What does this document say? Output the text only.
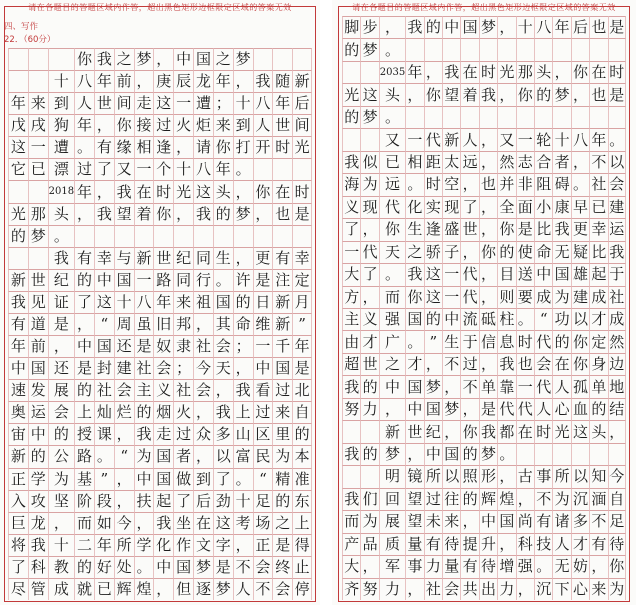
请在各题目的答题区域内作答，超出黑色矩形边框限定区域的答案无效
四、写作
22．（60分）
你 我 之 梦 ， 中 国 之 梦
十 八 年 前 ， 庚 辰 龙 年 ， 我 随 新
年 来 到 人 世 间 走 这 一 遭 ； 十 八 年 后
戊 戌 狗 年 ， 你 接 过 火 炬 来 到 人 世 间
这 一 遭 。 有 缘 相 逢 ， 请 你 打 开 时 光
它 已 漂 过 了 又 一 个 十 八 年 。
2018 年 ， 我 在 时 光 这 头 ， 你 在 时
光 那 头 ， 我 望 着 你 ， 我 的 梦 ， 也 是
的 梦 。
我 有 幸 与 新 世 纪 同 生 ， 更 有 幸
新 世 纪 的 中 国 一 路 同 行 。 许 是 注 定
我 见 证 了 这 十 八 年 来 祖 国 的 日 新 月
有 道 是 ， “ 周 虽 旧 邦 ， 其 命 维 新 ”
年 前 ， 中 国 还 是 奴 隶 社 会 ； 一 千 年
中 国 还 是 封 建 社 会 ； 今 天 ， 中 国 是
速 发 展 的 社 会 主 义 社 会 ， 我 看 过 北
奥 运 会 上 灿 烂 的 烟 火 ， 我 上 过 来 自
宙 中 的 授 课 ， 我 走 过 众 多 山 区 里 的
新 的 公 路 。 “ 为 国 者 ， 以 富 民 为 本
正 学 为 基 ” ， 中 国 做 到 了 。 “ 精 准
入 攻 坚 阶 段 ， 扶 起 了 后 劲 十 足 的 东
巨 龙 ， 而 如 今 ， 我 坐 在 这 考 场 之 上
将 我 十 二 年 所 学 化 作 文 字 ， 正 是 得
了 科 教 的 好 处 。 中 国 梦 是 不 会 终 止
尽 管 成 就 已 辉 煌 ， 但 逐 梦 人 不 会 停
请在各题目的答题区域内作答，超出黑色矩形边框限定区域的答案无效
脚 步 ， 我 的 中 国 梦 ， 十 八 年 后 也 是
的 梦 。
2035 年 ， 我 在 时 光 那 头 ， 你 在 时
光 这 头 ， 你 望 着 我 ， 你 的 梦 ， 也 是
的 梦 。
又 一 代 新 人 ， 又 一 轮 十 八 年 。
我 似 已 相 距 太 远 ， 然 志 合 者 ， 不 以
海 为 远 。 时 空 ， 也 并 非 阻 碍 。 社 会
义 现 代 化 实 现 了 ， 全 面 小 康 早 已 建
了 ， 你 生 逢 盛 世 ， 你 是 比 我 更 幸 运
一 代 天 之 骄 子 ， 你 的 使 命 无 疑 比 我
大 了 。 我 这 一 代 ， 目 送 中 国 雄 起 于
方 ， 而 你 这 一 代 ， 则 要 成 为 建 成 社
主 义 强 国 的 中 流 砥 柱 。 “ 功 以 才 成
由 才 广 。 ” 生 于 信 息 时 代 的 你 定 然
超 世 之 才 ， 不 过 ， 我 也 会 在 你 身 边
我 的 中 国 梦 ， 不 单 靠 一 代 人 孤 单 地
努 力 ， 中 国 梦 ， 是 代 代 人 心 血 的 结
新 世 纪 ， 你 我 都 在 时 光 这 头 ，
我 的 梦 ， 中 国 的 梦 。
明 镜 所 以 照 形 ， 古 事 所 以 知 今
我 们 回 望 过 往 的 辉 煌 ， 不 为 沉 湎 自
而 为 展 望 未 来 ， 中 国 尚 有 诸 多 不 足
产 品 质 量 有 待 提 升 ， 科 技 人 才 有 待
大 ， 军 事 力 量 有 待 增 强 。 无 妨 ， 你
齐 努 力 ， 社 会 共 出 力 ， 沉 下 心 来 为
